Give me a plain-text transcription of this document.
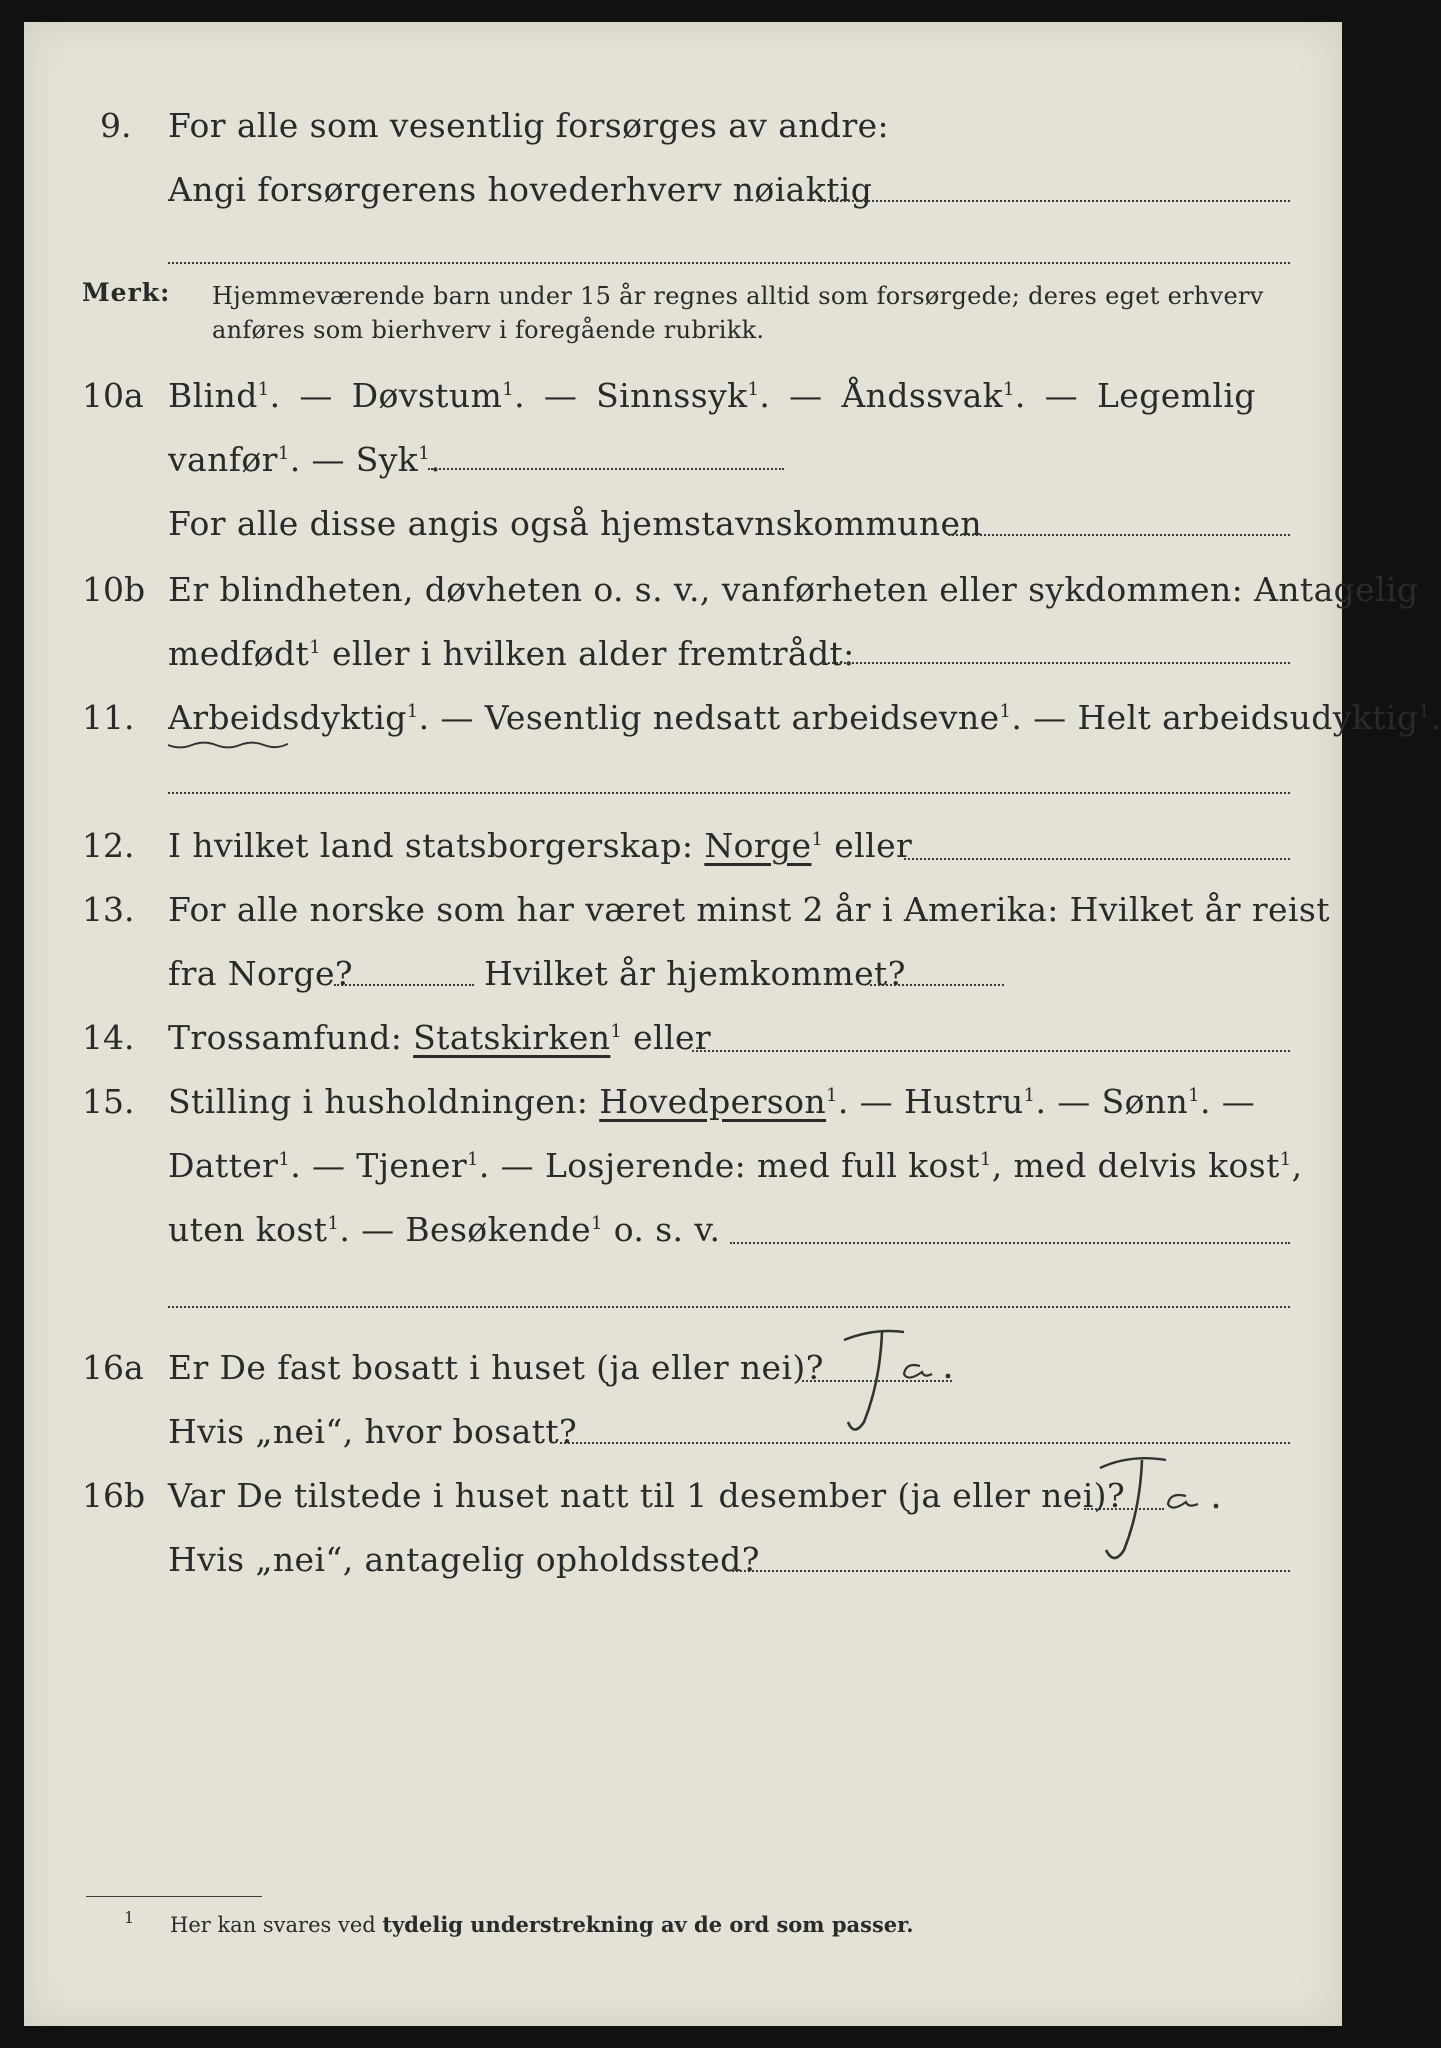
9. For alle som vesentlig forsørges av andre:
Angi forsørgerens hovederhverv nøiaktig
Merk: Hjemmeværende barn under 15 år regnes alltid som forsørgede; deres eget erhverv
anføres som bierhverv i foregående rubrikk.
10a Blind$^1$. — Døvstum$^1$. — Sinnssyk$^1$. — Åndssvak$^1$. — Legemlig
vanfør$^1$. — Syk$^1$.
For alle disse angis også hjemstavnskommunen
10b Er blindheten, døvheten o. s. v., vanførheten eller sykdommen: Antagelig
medfødt$^1$ eller i hvilken alder fremtrådt:
11. Arbeidsdyktig
$^1$. — Vesentlig nedsatt arbeidsevne$^1$. — Helt arbeidsudyktig$^1$.
12. I hvilket land statsborgerskap: Norge$^1$ eller
13. For alle norske som har været minst 2 år i Amerika: Hvilket år reist
fra Norge?	Hvilket år hjemkommet?
14. Trossamfund: Statskirken$^1$ eller
15. Stilling i husholdningen: Hovedperson$^1$. — Hustru$^1$. — Sønn$^1$. —
Datter$^1$. — Tjener$^1$. — Losjerende: med full kost$^1$, med delvis kost$^1$,
uten kost$^1$. — Besøkende$^1$ o. s. v.
16a Er De fast bosatt i huset (ja eller nei)?
Hvis „nei“, hvor bosatt?
16b Var De tilstede i huset natt til 1 desember (ja eller nei)?
Hvis „nei“, antagelig opholdssted?
1 Her kan svares ved tydelig understrekning av de ord som passer.
